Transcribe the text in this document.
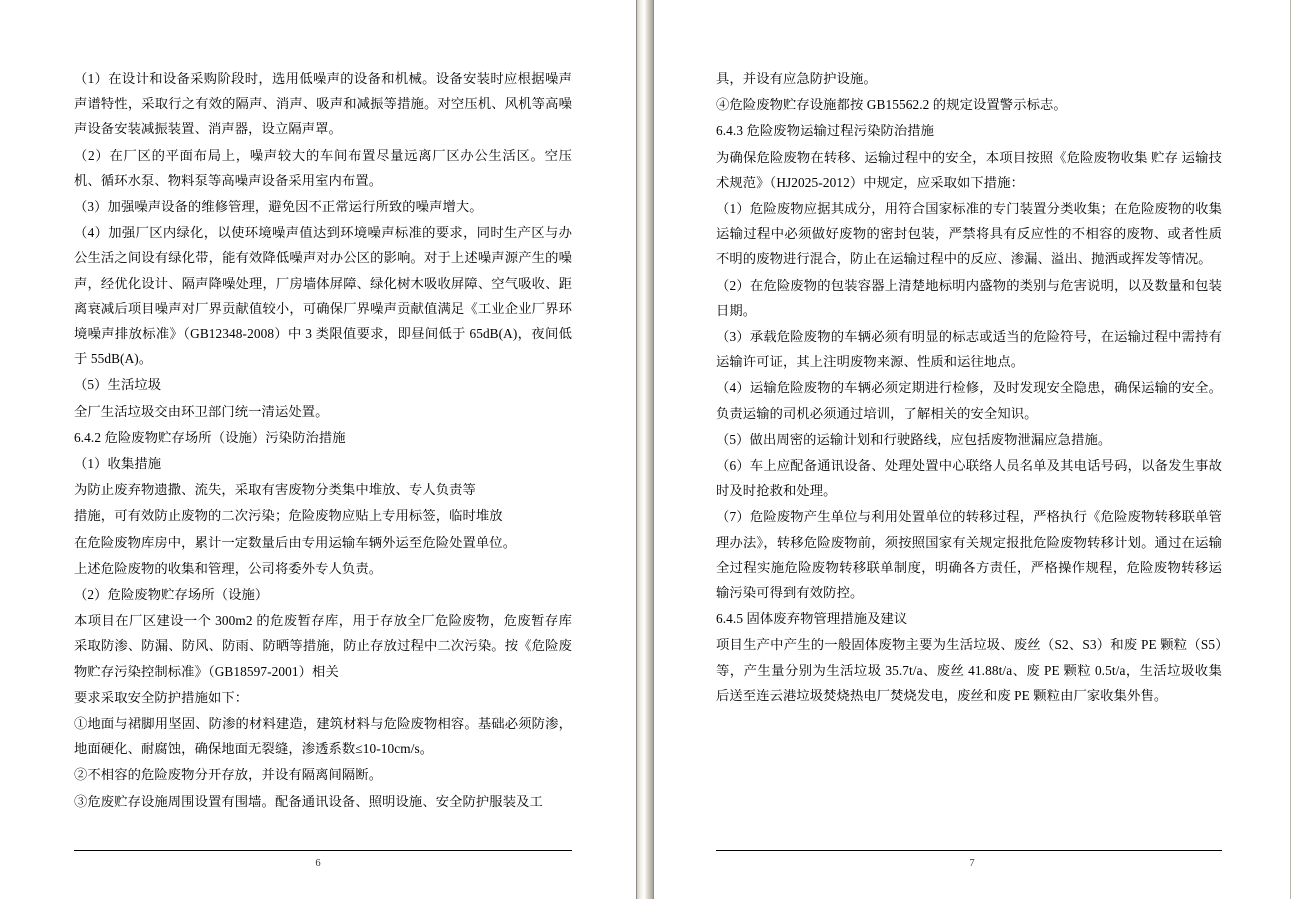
（1）在设计和设备采购阶段时，选用低噪声的设备和机械。设备安装时应根据噪声声谱特性，采取行之有效的隔声、消声、吸声和减振等措施。对空压机、风机等高噪声设备安装减振装置、消声器，设立隔声罩。

（2）在厂区的平面布局上，噪声较大的车间布置尽量远离厂区办公生活区。空压机、循环水泵、物料泵等高噪声设备采用室内布置。

（3）加强噪声设备的维修管理，避免因不正常运行所致的噪声增大。

（4）加强厂区内绿化，以使环境噪声值达到环境噪声标准的要求，同时生产区与办公生活之间设有绿化带，能有效降低噪声对办公区的影响。对于上述噪声源产生的噪声，经优化设计、隔声降噪处理，厂房墙体屏障、绿化树木吸收屏障、空气吸收、距离衰减后项目噪声对厂界贡献值较小，可确保厂界噪声贡献值满足《工业企业厂界环境噪声排放标准》（GB12348-2008）中 3 类限值要求，即昼间低于 65dB(A)，夜间低于 55dB(A)。

（5）生活垃圾

全厂生活垃圾交由环卫部门统一清运处置。

6.4.2 危险废物贮存场所（设施）污染防治措施

（1）收集措施

为防止废弃物遗撒、流失，采取有害废物分类集中堆放、专人负责等

措施，可有效防止废物的二次污染；危险废物应贴上专用标签，临时堆放

在危险废物库房中，累计一定数量后由专用运输车辆外运至危险处置单位。

上述危险废物的收集和管理，公司将委外专人负责。

（2）危险废物贮存场所（设施）

本项目在厂区建设一个 300m2 的危废暂存库，用于存放全厂危险废物，危废暂存库采取防渗、防漏、防风、防雨、防晒等措施，防止存放过程中二次污染。按《危险废物贮存污染控制标准》（GB18597-2001）相关

要求采取安全防护措施如下：

①地面与裙脚用坚固、防渗的材料建造，建筑材料与危险废物相容。基础必须防渗，地面硬化、耐腐蚀，确保地面无裂缝，渗透系数≤10-10cm/s。

②不相容的危险废物分开存放，并设有隔离间隔断。

③危废贮存设施周围设置有围墙。配备通讯设备、照明设施、安全防护服装及工

6

具，并设有应急防护设施。

④危险废物贮存设施都按 GB15562.2 的规定设置警示标志。

6.4.3 危险废物运输过程污染防治措施

为确保危险废物在转移、运输过程中的安全，本项目按照《危险废物收集 贮存 运输技术规范》（HJ2025-2012）中规定，应采取如下措施：

（1）危险废物应据其成分，用符合国家标准的专门装置分类收集；在危险废物的收集运输过程中必须做好废物的密封包装，严禁将具有反应性的不相容的废物、或者性质不明的废物进行混合，防止在运输过程中的反应、渗漏、溢出、抛洒或挥发等情况。

（2）在危险废物的包装容器上清楚地标明内盛物的类别与危害说明，以及数量和包装日期。

（3）承载危险废物的车辆必须有明显的标志或适当的危险符号，在运输过程中需持有运输许可证，其上注明废物来源、性质和运往地点。

（4）运输危险废物的车辆必须定期进行检修，及时发现安全隐患，确保运输的安全。负责运输的司机必须通过培训，了解相关的安全知识。

（5）做出周密的运输计划和行驶路线，应包括废物泄漏应急措施。

（6）车上应配备通讯设备、处理处置中心联络人员名单及其电话号码，以备发生事故时及时抢救和处理。

（7）危险废物产生单位与利用处置单位的转移过程，严格执行《危险废物转移联单管理办法》，转移危险废物前，须按照国家有关规定报批危险废物转移计划。通过在运输全过程实施危险废物转移联单制度，明确各方责任，严格操作规程，危险废物转移运输污染可得到有效防控。

6.4.5 固体废弃物管理措施及建议

项目生产中产生的一般固体废物主要为生活垃圾、废丝（S2、S3）和废 PE 颗粒（S5）等，产生量分别为生活垃圾 35.7t/a、废丝 41.88t/a、废 PE 颗粒 0.5t/a，生活垃圾收集后送至连云港垃圾焚烧热电厂焚烧发电，废丝和废 PE 颗粒由厂家收集外售。

7
